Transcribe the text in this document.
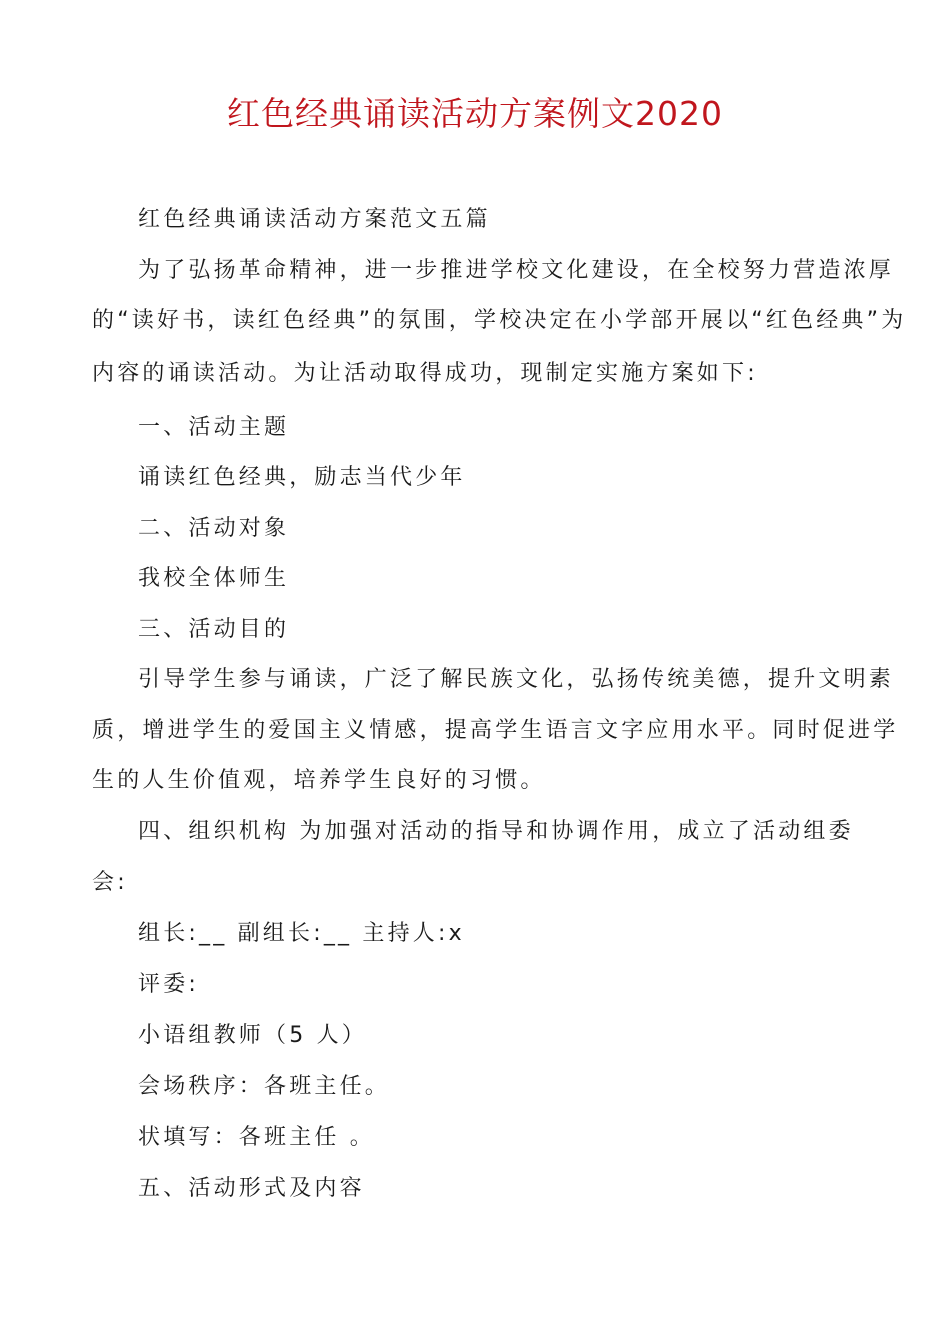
红色经典诵读活动方案例文2020
红色经典诵读活动方案范文五篇
为了弘扬革命精神，进一步推进学校文化建设，在全校努力营造浓厚
的“读好书，读红色经典”的氛围，学校决定在小学部开展以“红色经典”为
内容的诵读活动。为让活动取得成功，现制定实施方案如下:
一、活动主题
诵读红色经典，励志当代少年
二、活动对象
我校全体师生
三、活动目的
引导学生参与诵读，广泛了解民族文化，弘扬传统美德，提升文明素
质，增进学生的爱国主义情感，提高学生语言文字应用水平。同时促进学
生的人生价值观，培养学生良好的习惯。
四、组织机构 为加强对活动的指导和协调作用，成立了活动组委
会:
组长:__ 副组长:__ 主持人:x
评委:
小语组教师（5 人）
会场秩序：各班主任。
状填写：各班主任 。
五、活动形式及内容
